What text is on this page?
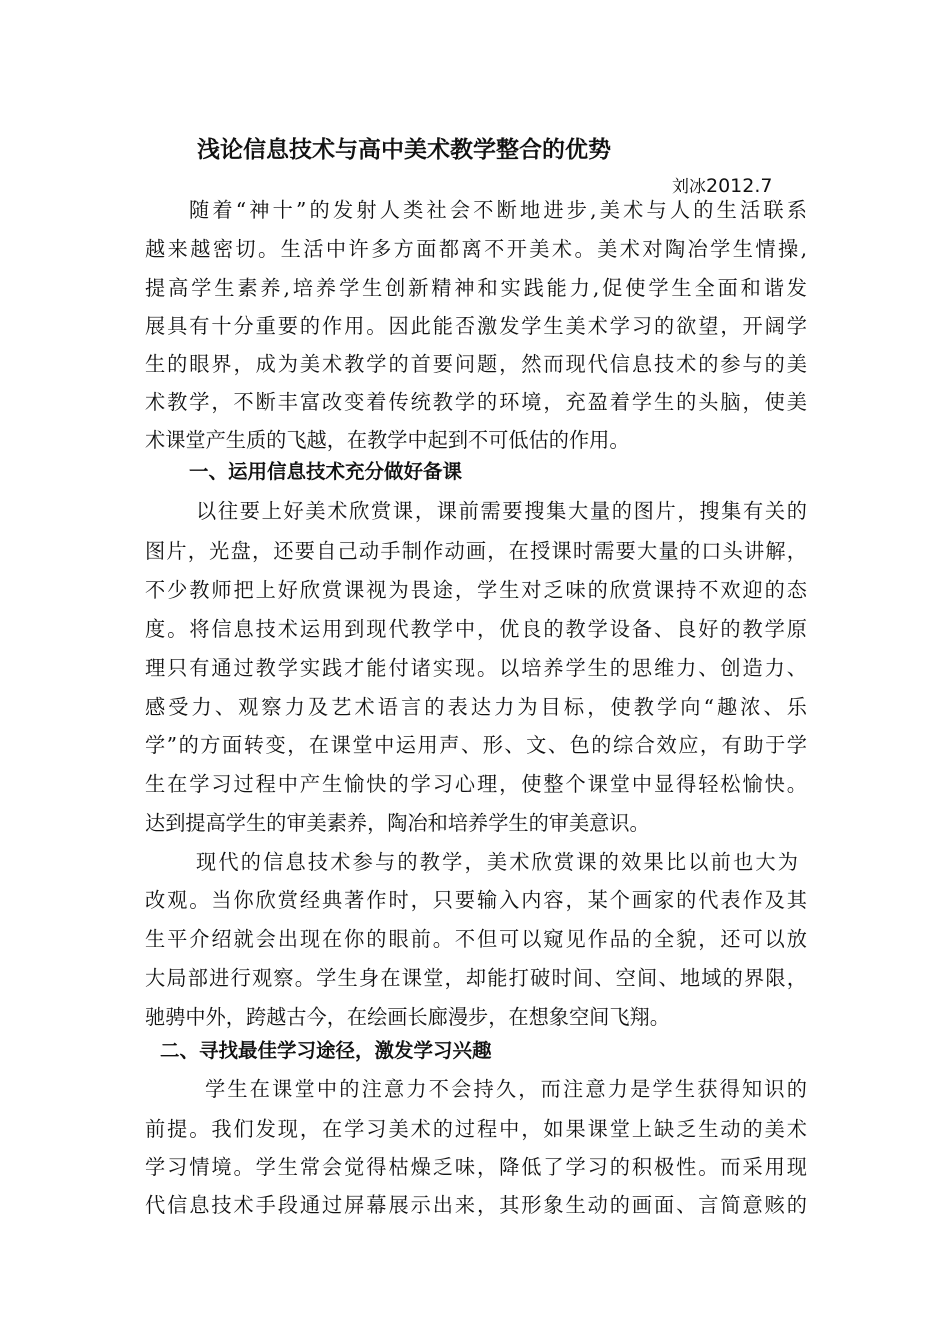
浅论信息技术与高中美术教学整合的优势
刘冰2012.7
随着“神十”的发射人类社会不断地进步,美术与人的生活联系
越来越密切。生活中许多方面都离不开美术。美术对陶冶学生情操,
提高学生素养,培养学生创新精神和实践能力,促使学生全面和谐发
展具有十分重要的作用。因此能否激发学生美术学习的欲望，开阔学
生的眼界，成为美术教学的首要问题，然而现代信息技术的参与的美
术教学，不断丰富改变着传统教学的环境，充盈着学生的头脑，使美
术课堂产生质的飞越，在教学中起到不可低估的作用。
一、运用信息技术充分做好备课
以往要上好美术欣赏课，课前需要搜集大量的图片，搜集有关的
图片，光盘，还要自己动手制作动画，在授课时需要大量的口头讲解，
不少教师把上好欣赏课视为畏途，学生对乏味的欣赏课持不欢迎的态
度。将信息技术运用到现代教学中，优良的教学设备、良好的教学原
理只有通过教学实践才能付诸实现。以培养学生的思维力、创造力、
感受力、观察力及艺术语言的表达力为目标，使教学向“趣浓、乐
学”的方面转变，在课堂中运用声、形、文、色的综合效应，有助于学
生在学习过程中产生愉快的学习心理，使整个课堂中显得轻松愉快。
达到提高学生的审美素养，陶冶和培养学生的审美意识。
现代的信息技术参与的教学，美术欣赏课的效果比以前也大为
改观。当你欣赏经典著作时，只要输入内容，某个画家的代表作及其
生平介绍就会出现在你的眼前。不但可以窥见作品的全貌，还可以放
大局部进行观察。学生身在课堂，却能打破时间、空间、地域的界限，
驰骋中外，跨越古今，在绘画长廊漫步，在想象空间飞翔。
二、寻找最佳学习途径，激发学习兴趣
学生在课堂中的注意力不会持久，而注意力是学生获得知识的
前提。我们发现，在学习美术的过程中，如果课堂上缺乏生动的美术
学习情境。学生常会觉得枯燥乏味，降低了学习的积极性。而采用现
代信息技术手段通过屏幕展示出来，其形象生动的画面、言简意赅的
